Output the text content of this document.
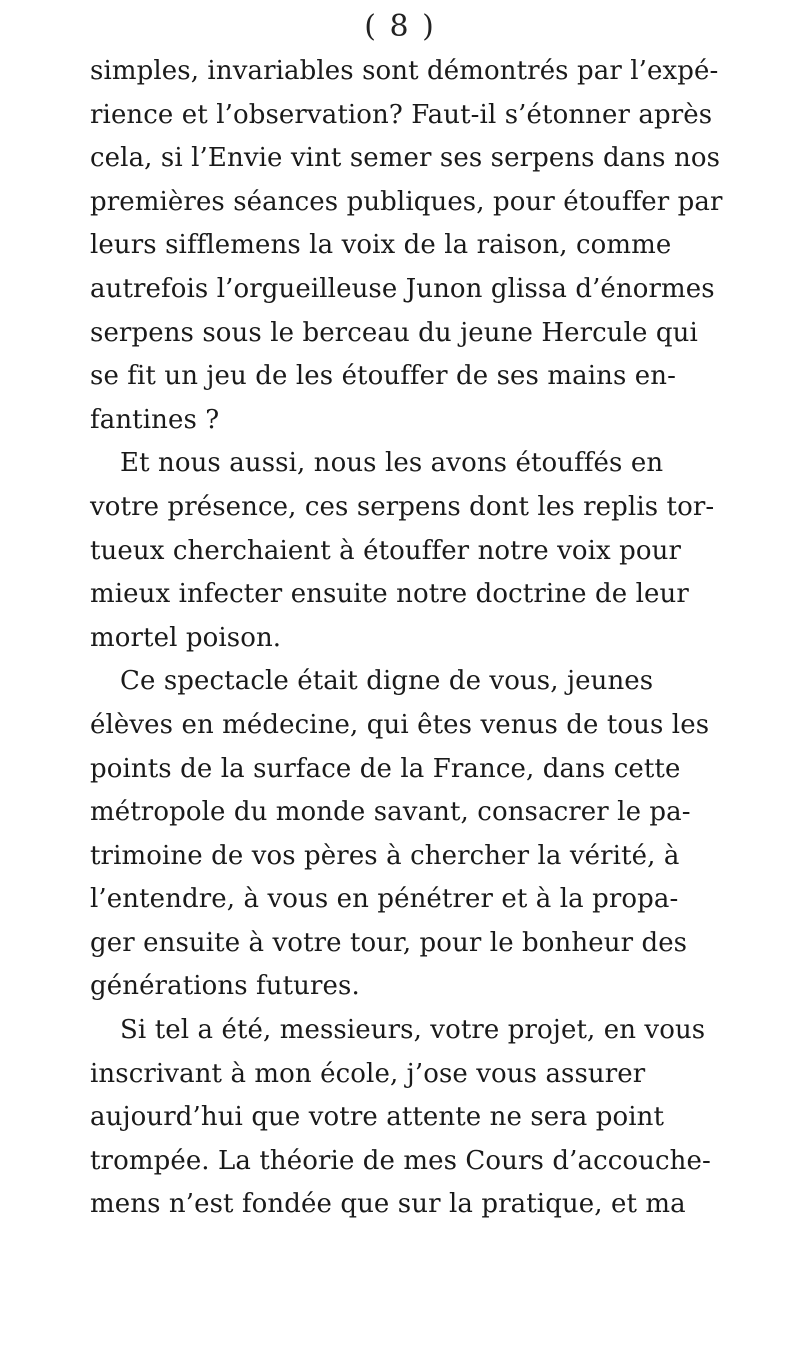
( 8 )
simples, invariables sont démontrés par l’expé-
rience et l’observation? Faut-il s’étonner après
cela, si l’Envie vint semer ses serpens dans nos
premières séances publiques, pour étouffer par
leurs sifflemens la voix de la raison, comme
autrefois l’orgueilleuse Junon glissa d’énormes
serpens sous le berceau du jeune Hercule qui
se fit un jeu de les étouffer de ses mains en-
fantines ?
Et nous aussi, nous les avons étouffés en
votre présence, ces serpens dont les replis tor-
tueux cherchaient à étouffer notre voix pour
mieux infecter ensuite notre doctrine de leur
mortel poison.
Ce spectacle était digne de vous, jeunes
élèves en médecine, qui êtes venus de tous les
points de la surface de la France, dans cette
métropole du monde savant, consacrer le pa-
trimoine de vos pères à chercher la vérité, à
l’entendre, à vous en pénétrer et à la propa-
ger ensuite à votre tour, pour le bonheur des
générations futures.
Si tel a été, messieurs, votre projet, en vous
inscrivant à mon école, j’ose vous assurer
aujourd’hui que votre attente ne sera point
trompée. La théorie de mes Cours d’accouche-
mens n’est fondée que sur la pratique, et ma
